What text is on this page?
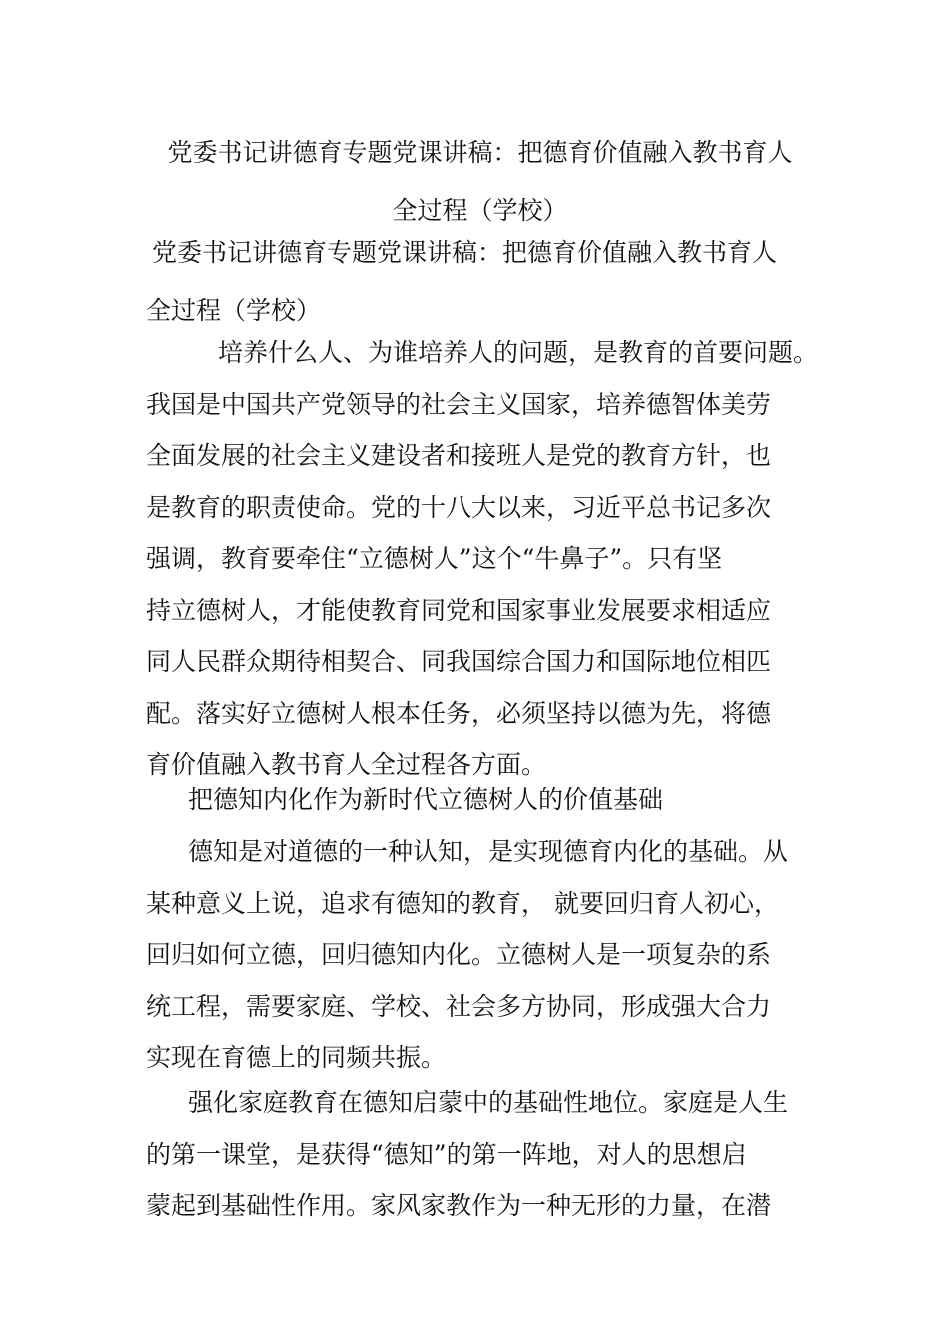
党委书记讲德育专题党课讲稿：把德育价值融入教书育人
全过程（学校）
党委书记讲德育专题党课讲稿：把德育价值融入教书育人
全过程（学校）
培养什么人、为谁培养人的问题，是教育的首要问题。
我国是中国共产党领导的社会主义国家，培养德智体美劳
全面发展的社会主义建设者和接班人是党的教育方针，也
是教育的职责使命。党的十八大以来，习近平总书记多次
强调，教育要牵住“立德树人”这个“牛鼻子”。只有坚
持立德树人，才能使教育同党和国家事业发展要求相适应
同人民群众期待相契合、同我国综合国力和国际地位相匹
配。落实好立德树人根本任务，必须坚持以德为先，将德
育价值融入教书育人全过程各方面。
把德知内化作为新时代立德树人的价值基础
德知是对道德的一种认知，是实现德育内化的基础。从
某种意义上说，追求有德知的教育， 就要回归育人初心，
回归如何立德，回归德知内化。立德树人是一项复杂的系
统工程，需要家庭、学校、社会多方协同，形成强大合力
实现在育德上的同频共振。
强化家庭教育在德知启蒙中的基础性地位。家庭是人生
的第一课堂，是获得“德知”的第一阵地，对人的思想启
蒙起到基础性作用。家风家教作为一种无形的力量，在潜
